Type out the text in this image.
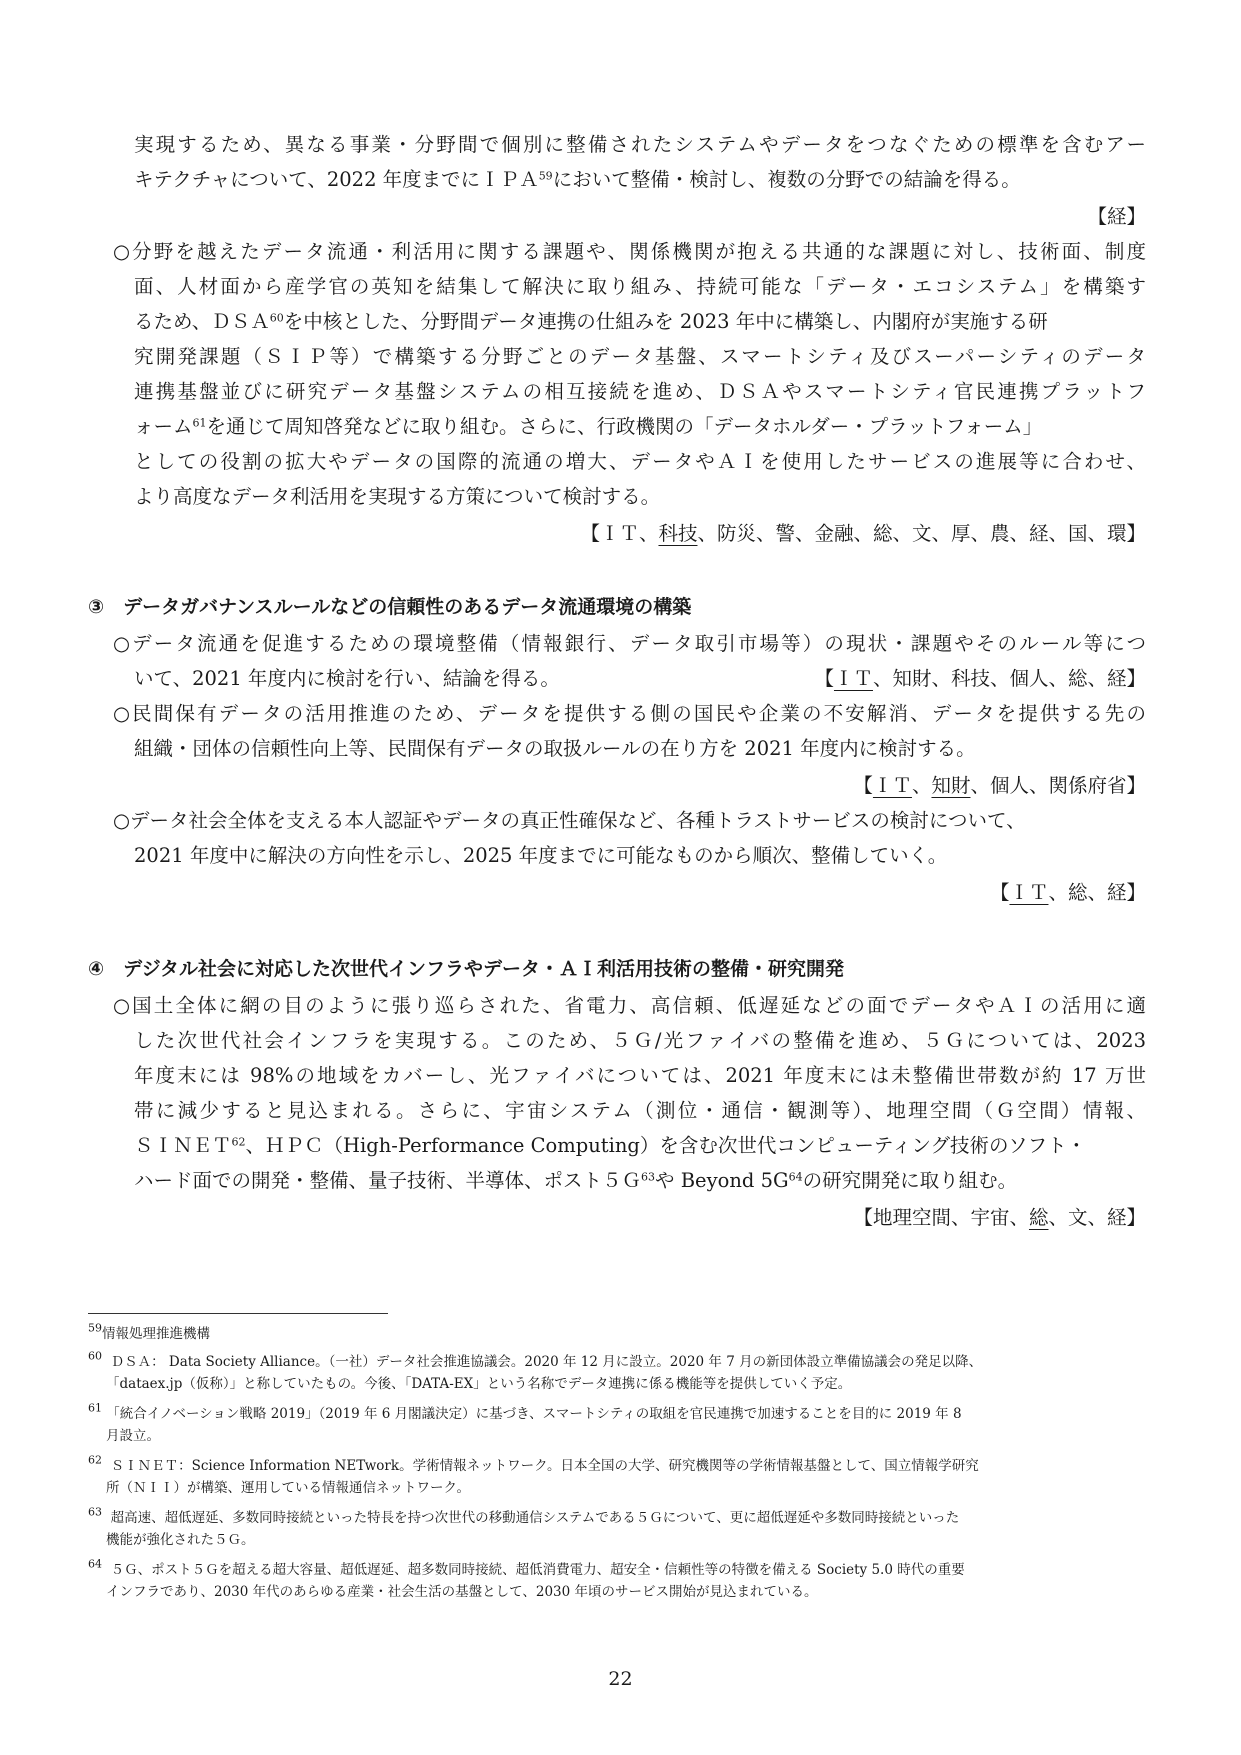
実現するため、異なる事業・分野間で個別に整備されたシステムやデータをつなぐための標準を含むアー
キテクチャについて、2022 年度までにＩＰＡ$^{59}$において整備・検討し、複数の分野での結論を得る。
【経】
○分野を越えたデータ流通・利活用に関する課題や、関係機関が抱える共通的な課題に対し、技術面、制度
面、人材面から産学官の英知を結集して解決に取り組み、持続可能な「データ・エコシステム」を構築す
るため、ＤＳＡ$^{60}$を中核とした、分野間データ連携の仕組みを 2023 年中に構築し、内閣府が実施する研
究開発課題（ＳＩＰ等）で構築する分野ごとのデータ基盤、スマートシティ及びスーパーシティのデータ
連携基盤並びに研究データ基盤システムの相互接続を進め、ＤＳＡやスマートシティ官民連携プラットフ
ォーム$^{61}$を通じて周知啓発などに取り組む。さらに、行政機関の「データホルダー・プラットフォーム」
としての役割の拡大やデータの国際的流通の増大、データやＡＩを使用したサービスの進展等に合わせ、
より高度なデータ利活用を実現する方策について検討する。
【ＩＴ、科技、防災、警、金融、総、文、厚、農、経、国、環】
③　データガバナンスルールなどの信頼性のあるデータ流通環境の構築
○データ流通を促進するための環境整備（情報銀行、データ取引市場等）の現状・課題やそのルール等につ
いて、2021 年度内に検討を行い、結論を得る。	【ＩＴ、知財、科技、個人、総、経】
○民間保有データの活用推進のため、データを提供する側の国民や企業の不安解消、データを提供する先の
組織・団体の信頼性向上等、民間保有データの取扱ルールの在り方を 2021 年度内に検討する。
【ＩＴ、知財、個人、関係府省】
○データ社会全体を支える本人認証やデータの真正性確保など、各種トラストサービスの検討について、
2021 年度中に解決の方向性を示し、2025 年度までに可能なものから順次、整備していく。
【ＩＴ、総、経】
④　デジタル社会に対応した次世代インフラやデータ・ＡＩ利活用技術の整備・研究開発
○国土全体に網の目のように張り巡らされた、省電力、高信頼、低遅延などの面でデータやＡＩの活用に適
した次世代社会インフラを実現する。このため、５Ｇ/光ファイバの整備を進め、５Ｇについては、2023
年度末には 98%の地域をカバーし、光ファイバについては、2021 年度末には未整備世帯数が約 17 万世
帯に減少すると見込まれる。さらに、宇宙システム（測位・通信・観測等）、地理空間（Ｇ空間）情報、
ＳＩＮＥＴ$^{62}$、ＨＰＣ（High-Performance Computing）を含む次世代コンピューティング技術のソフト・
ハード面での開発・整備、量子技術、半導体、ポスト５Ｇ$^{63}$や Beyond $5G^{64}$の研究開発に取り組む。
【地理空間、宇宙、総、文、経】
$^{59}$情報処理推進機構
$^{60}$ ＤＳＡ： Data Society Alliance。（一社）データ社会推進協議会。2020 年 12 月に設立。2020 年 7 月の新団体設立準備協議会の発足以降、
「dataex.jp（仮称）」と称していたもの。今後、「DATA-EX」という名称でデータ連携に係る機能等を提供していく予定。
$^{61}$ 「統合イノベーション戦略 2019」（2019 年 6 月閣議決定）に基づき、スマートシティの取組を官民連携で加速することを目的に 2019 年 8
月設立。
$^{62}$ ＳＩＮＥＴ：Science Information NETwork。学術情報ネットワーク。日本全国の大学、研究機関等の学術情報基盤として、国立情報学研究
所（ＮＩＩ）が構築、運用している情報通信ネットワーク。
$^{63}$ 超高速、超低遅延、多数同時接続といった特長を持つ次世代の移動通信システムである５Ｇについて、更に超低遅延や多数同時接続といった
機能が強化された５Ｇ。
$^{64}$ ５Ｇ、ポスト５Ｇを超える超大容量、超低遅延、超多数同時接続、超低消費電力、超安全・信頼性等の特徴を備える Society 5.0 時代の重要
インフラであり、2030 年代のあらゆる産業・社会生活の基盤として、2030 年頃のサービス開始が見込まれている。
22
